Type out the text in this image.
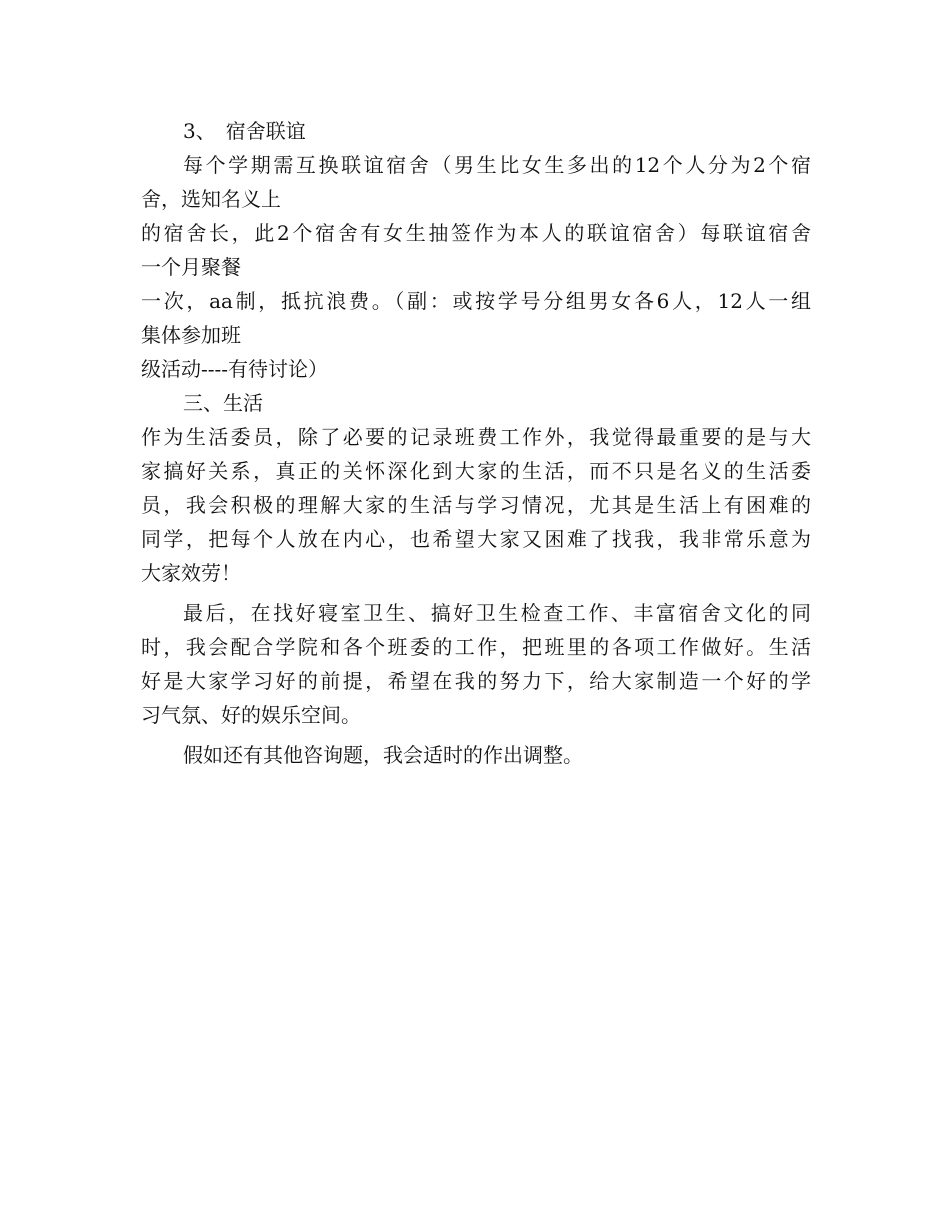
3、　宿舍联谊
每个学期需互换联谊宿舍（男生比女生多出的12个人分为2个宿
舍，选知名义上
的宿舍长，此2个宿舍有女生抽签作为本人的联谊宿舍）每联谊宿舍
一个月聚餐
一次，aa制，抵抗浪费。（副：或按学号分组男女各6人，12人一组
集体参加班
级活动----有待讨论）
三、生活
作为生活委员，除了必要的记录班费工作外，我觉得最重要的是与大
家搞好关系，真正的关怀深化到大家的生活，而不只是名义的生活委
员，我会积极的理解大家的生活与学习情况，尤其是生活上有困难的
同学，把每个人放在内心，也希望大家又困难了找我，我非常乐意为
大家效劳！
最后，在找好寝室卫生、搞好卫生检查工作、丰富宿舍文化的同
时，我会配合学院和各个班委的工作，把班里的各项工作做好。生活
好是大家学习好的前提，希望在我的努力下，给大家制造一个好的学
习气氛、好的娱乐空间。
假如还有其他咨询题，我会适时的作出调整。
